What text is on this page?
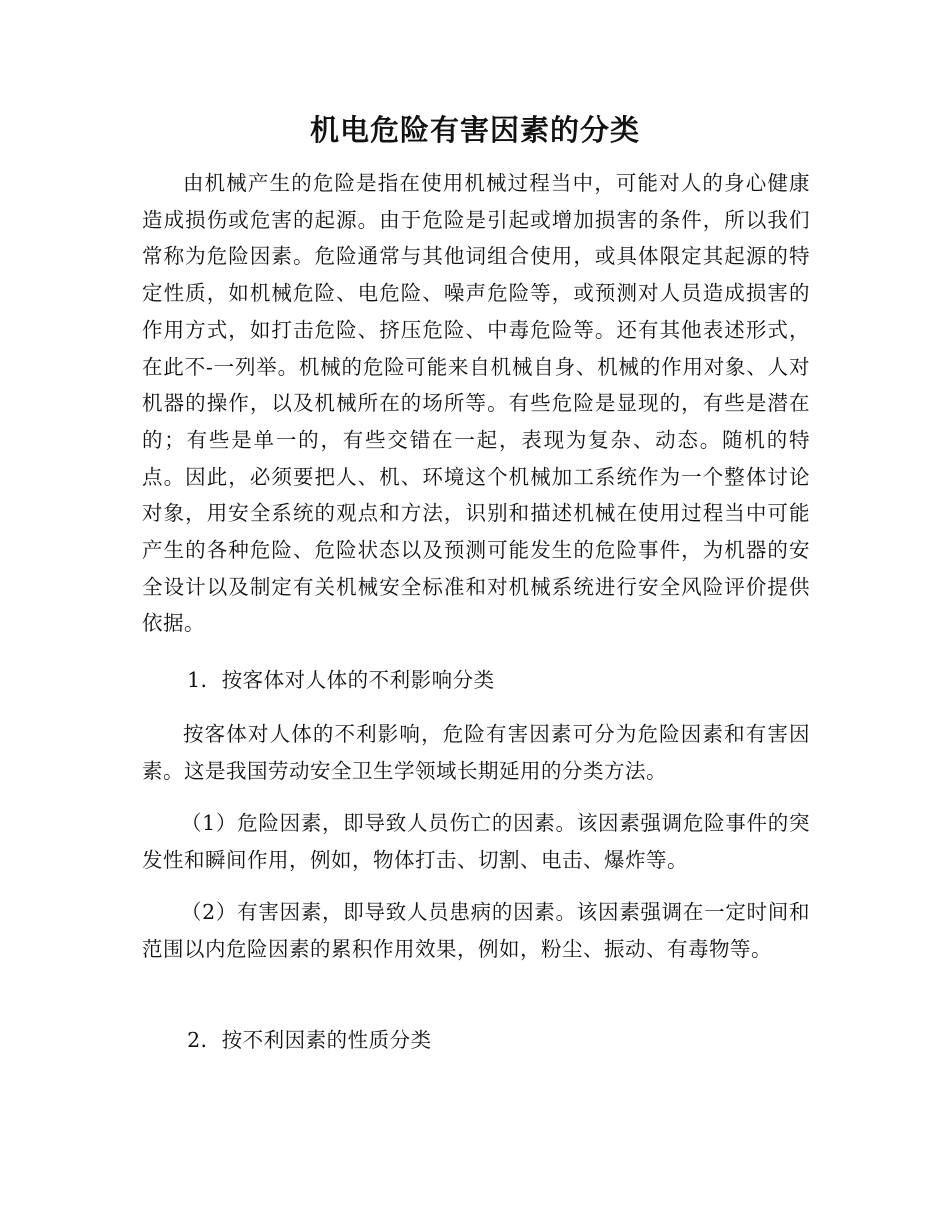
机电危险有害因素的分类

由机械产生的危险是指在使用机械过程当中，可能对人的身心健康造成损伤或危害的起源。由于危险是引起或增加损害的条件，所以我们常称为危险因素。危险通常与其他词组合使用，或具体限定其起源的特定性质，如机械危险、电危险、噪声危险等，或预测对人员造成损害的作用方式，如打击危险、挤压危险、中毒危险等。还有其他表述形式，在此不-一列举。机械的危险可能来自机械自身、机械的作用对象、人对机器的操作，以及机械所在的场所等。有些危险是显现的，有些是潜在的；有些是单一的，有些交错在一起，表现为复杂、动态。随机的特点。因此，必须要把人、机、环境这个机械加工系统作为一个整体讨论对象，用安全系统的观点和方法，识别和描述机械在使用过程当中可能产生的各种危险、危险状态以及预测可能发生的危险事件，为机器的安全设计以及制定有关机械安全标准和对机械系统进行安全风险评价提供依据。

1．按客体对人体的不利影响分类

按客体对人体的不利影响，危险有害因素可分为危险因素和有害因素。这是我国劳动安全卫生学领域长期延用的分类方法。

（1）危险因素，即导致人员伤亡的因素。该因素强调危险事件的突发性和瞬间作用，例如，物体打击、切割、电击、爆炸等。

（2）有害因素，即导致人员患病的因素。该因素强调在一定时间和范围以内危险因素的累积作用效果，例如，粉尘、振动、有毒物等。

2．按不利因素的性质分类
